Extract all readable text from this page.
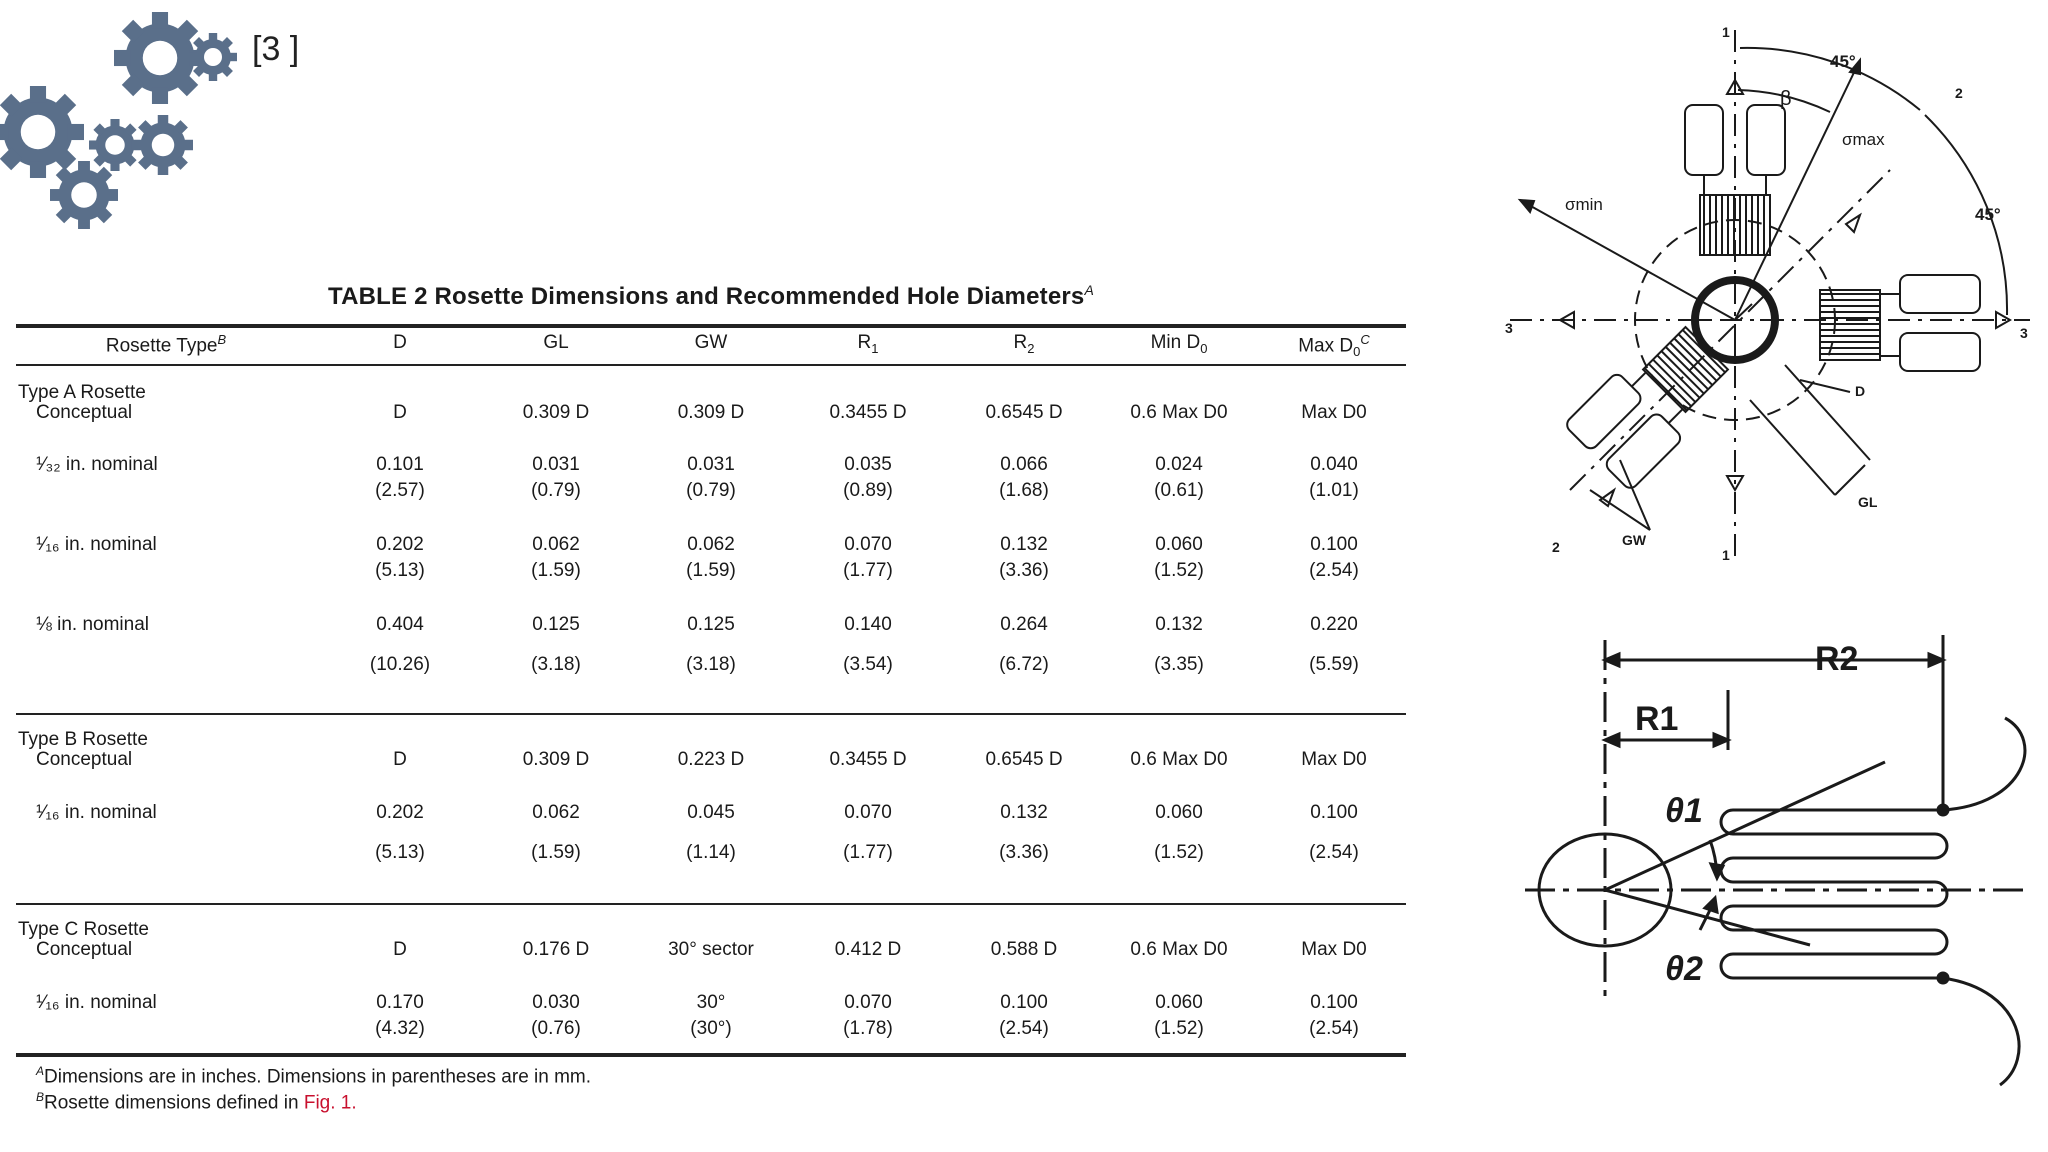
[3 ]
TABLE 2 Rosette Dimensions and Recommended Hole Diameters$^A$
Rosette Type$^B$	D	GL	GW	$R_1$	$R_2$	Min $D_0$	Max $D_0^C$
Type A Rosette
Conceptual	D	0.309 D	0.309 D	0.3455 D	0.6545 D	0.6 Max D0	Max D0
¹⁄₃₂ in. nominal	0.101	0.031	0.031	0.035	0.066	0.024	0.040
(2.57)	(0.79)	(0.79)	(0.89)	(1.68)	(0.61)	(1.01)
¹⁄₁₆ in. nominal	0.202	0.062	0.062	0.070	0.132	0.060	0.100
(5.13)	(1.59)	(1.59)	(1.77)	(3.36)	(1.52)	(2.54)
⅛ in. nominal	0.404	0.125	0.125	0.140	0.264	0.132	0.220
(10.26)	(3.18)	(3.18)	(3.54)	(6.72)	(3.35)	(5.59)
Type B Rosette
Conceptual	D	0.309 D	0.223 D	0.3455 D	0.6545 D	0.6 Max D0	Max D0
¹⁄₁₆ in. nominal	0.202	0.062	0.045	0.070	0.132	0.060	0.100
(5.13)	(1.59)	(1.14)	(1.77)	(3.36)	(1.52)	(2.54)
Type C Rosette
Conceptual	D	0.176 D	30° sector	0.412 D	0.588 D	0.6 Max D0	Max D0
¹⁄₁₆ in. nominal	0.170	0.030	30°	0.070	0.100	0.060	0.100
(4.32)	(0.76)	(30°)	(1.78)	(2.54)	(1.52)	(2.54)
$^A$Dimensions are in inches. Dimensions in parentheses are in mm.
$^B$Rosette dimensions defined in Fig. 1.
45°
45°
β
σmax
σmin
1
1
2
2
3	3
D
GL
GW
R1
R2
θ1
θ2
